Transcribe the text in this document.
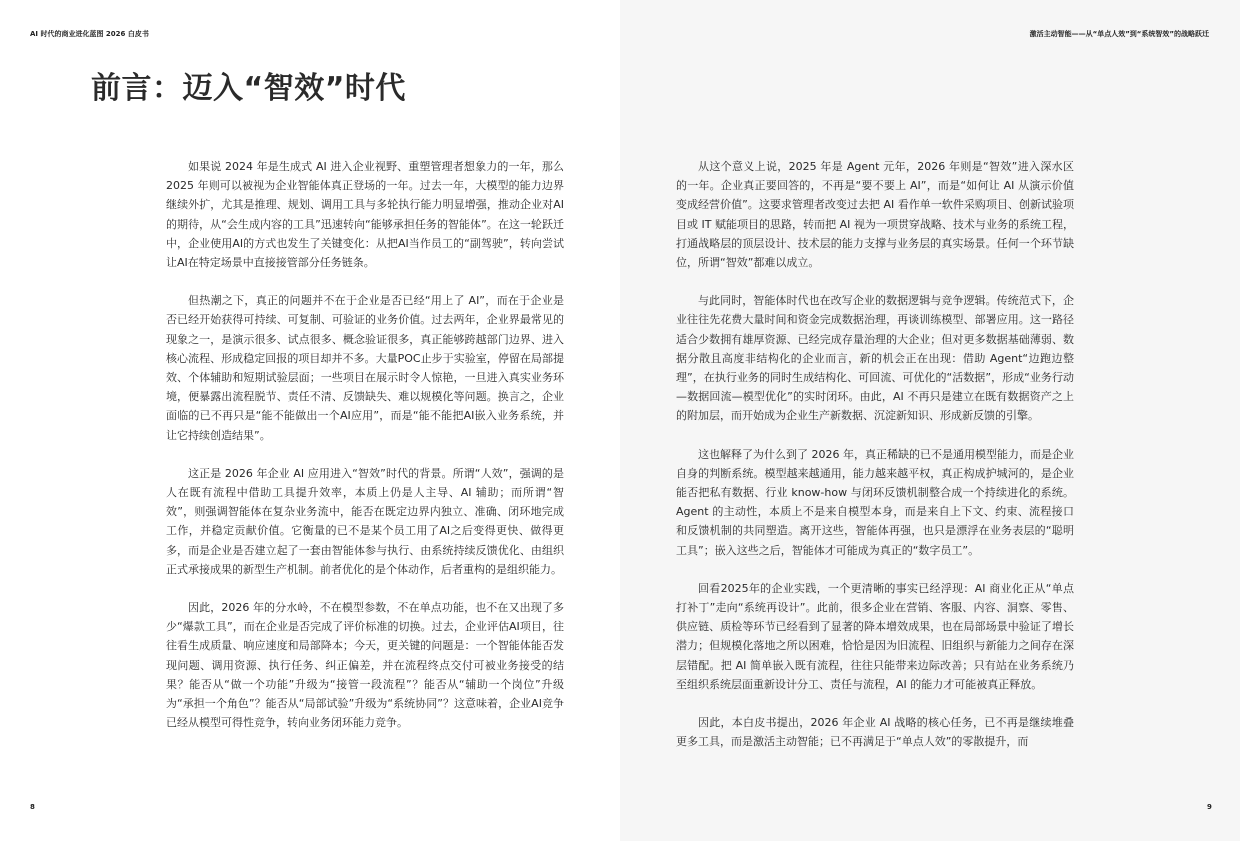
AI 时代的商业进化蓝图 2026 白皮书
前言：迈入“智效”时代

如果说 2024 年是生成式 AI 进入企业视野、重塑管理者想象力的一年，那么 2025 年则可以被视为企业智能体真正登场的一年。过去一年，大模型的能力边界继续外扩，尤其是推理、规划、调用工具与多轮执行能力明显增强，推动企业对AI的期待，从“会生成内容的工具”迅速转向“能够承担任务的智能体”。在这一轮跃迁中，企业使用AI的方式也发生了关键变化：从把AI当作员工的“副驾驶”，转向尝试让AI在特定场景中直接接管部分任务链条。

但热潮之下，真正的问题并不在于企业是否已经“用上了 AI”，而在于企业是否已经开始获得可持续、可复制、可验证的业务价值。过去两年，企业界最常见的现象之一，是演示很多、试点很多、概念验证很多，真正能够跨越部门边界、进入核心流程、形成稳定回报的项目却并不多。大量POC止步于实验室，停留在局部提效、个体辅助和短期试验层面；一些项目在展示时令人惊艳，一旦进入真实业务环境，便暴露出流程脱节、责任不清、反馈缺失、难以规模化等问题。换言之，企业面临的已不再只是“能不能做出一个AI应用”，而是“能不能把AI嵌入业务系统，并让它持续创造结果”。

这正是 2026 年企业 AI 应用进入“智效”时代的背景。所谓“人效”，强调的是人在既有流程中借助工具提升效率，本质上仍是人主导、AI 辅助；而所谓“智效”，则强调智能体在复杂业务流中，能否在既定边界内独立、准确、闭环地完成工作，并稳定贡献价值。它衡量的已不是某个员工用了AI之后变得更快、做得更多，而是企业是否建立起了一套由智能体参与执行、由系统持续反馈优化、由组织正式承接成果的新型生产机制。前者优化的是个体动作，后者重构的是组织能力。

因此，2026 年的分水岭，不在模型参数，不在单点功能，也不在又出现了多少“爆款工具”，而在企业是否完成了评价标准的切换。过去，企业评估AI项目，往往看生成质量、响应速度和局部降本；今天，更关键的问题是：一个智能体能否发现问题、调用资源、执行任务、纠正偏差，并在流程终点交付可被业务接受的结果？能否从“做一个功能”升级为“接管一段流程”？能否从“辅助一个岗位”升级为“承担一个角色”？能否从“局部试验”升级为“系统协同”？这意味着，企业AI竞争已经从模型可得性竞争，转向业务闭环能力竞争。

8
激活主动智能——从“单点人效”到“系统智效”的战略跃迁

从这个意义上说，2025 年是 Agent 元年，2026 年则是“智效”进入深水区的一年。企业真正要回答的，不再是“要不要上 AI”，而是“如何让 AI 从演示价值变成经营价值”。这要求管理者改变过去把 AI 看作单一软件采购项目、创新试验项目或 IT 赋能项目的思路，转而把 AI 视为一项贯穿战略、技术与业务的系统工程，打通战略层的顶层设计、技术层的能力支撑与业务层的真实场景。任何一个环节缺位，所谓“智效”都难以成立。

与此同时，智能体时代也在改写企业的数据逻辑与竞争逻辑。传统范式下，企业往往先花费大量时间和资金完成数据治理，再谈训练模型、部署应用。这一路径适合少数拥有雄厚资源、已经完成存量治理的大企业；但对更多数据基础薄弱、数据分散且高度非结构化的企业而言，新的机会正在出现：借助 Agent“边跑边整理”，在执行业务的同时生成结构化、可回流、可优化的“活数据”，形成“业务行动—数据回流—模型优化”的实时闭环。由此，AI 不再只是建立在既有数据资产之上的附加层，而开始成为企业生产新数据、沉淀新知识、形成新反馈的引擎。

这也解释了为什么到了 2026 年，真正稀缺的已不是通用模型能力，而是企业自身的判断系统。模型越来越通用，能力越来越平权，真正构成护城河的，是企业能否把私有数据、行业 know-how 与闭环反馈机制整合成一个持续进化的系统。Agent 的主动性，本质上不是来自模型本身，而是来自上下文、约束、流程接口和反馈机制的共同塑造。离开这些，智能体再强，也只是漂浮在业务表层的“聪明工具”；嵌入这些之后，智能体才可能成为真正的“数字员工”。

回看2025年的企业实践，一个更清晰的事实已经浮现：AI 商业化正从“单点打补丁”走向“系统再设计”。此前，很多企业在营销、客服、内容、洞察、零售、供应链、质检等环节已经看到了显著的降本增效成果，也在局部场景中验证了增长潜力；但规模化落地之所以困难，恰恰是因为旧流程、旧组织与新能力之间存在深层错配。把 AI 简单嵌入既有流程，往往只能带来边际改善；只有站在业务系统乃至组织系统层面重新设计分工、责任与流程，AI 的能力才可能被真正释放。

因此，本白皮书提出，2026 年企业 AI 战略的核心任务，已不再是继续堆叠更多工具，而是激活主动智能；已不再满足于“单点人效”的零散提升，而

9
